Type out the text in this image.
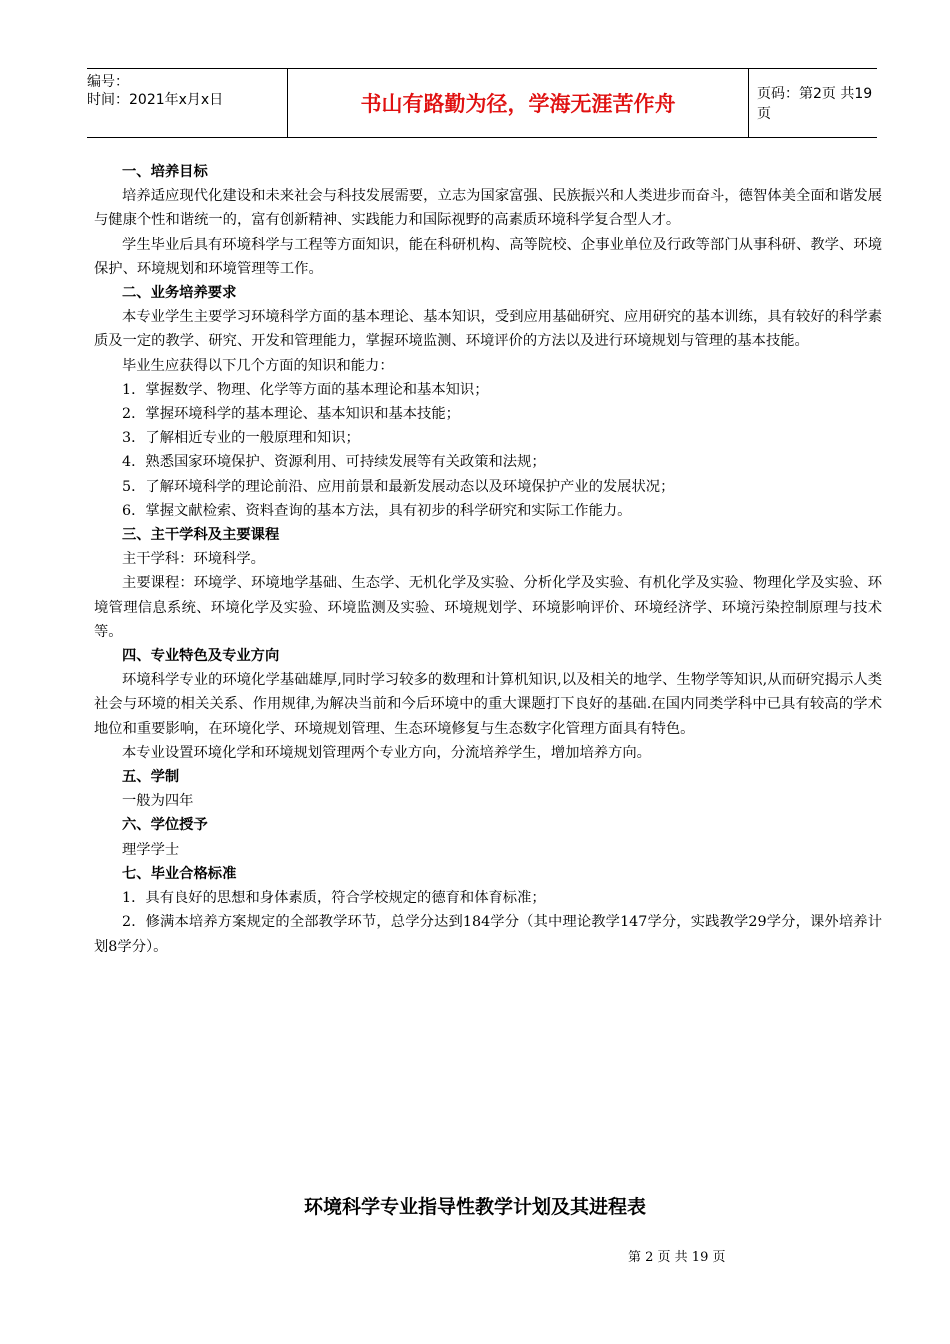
编号：
时间：2021年x月x日	书山有路勤为径，学海无涯苦作舟	页码：第2页 共19页

一、培养目标

培养适应现代化建设和未来社会与科技发展需要，立志为国家富强、民族振兴和人类进步而奋斗，德智体美全面和谐发展与健康个性和谐统一的，富有创新精神、实践能力和国际视野的高素质环境科学复合型人才。

学生毕业后具有环境科学与工程等方面知识，能在科研机构、高等院校、企事业单位及行政等部门从事科研、教学、环境保护、环境规划和环境管理等工作。

二、业务培养要求

本专业学生主要学习环境科学方面的基本理论、基本知识，受到应用基础研究、应用研究的基本训练，具有较好的科学素质及一定的教学、研究、开发和管理能力，掌握环境监测、环境评价的方法以及进行环境规划与管理的基本技能。

毕业生应获得以下几个方面的知识和能力：

1．掌握数学、物理、化学等方面的基本理论和基本知识；

2．掌握环境科学的基本理论、基本知识和基本技能；

3．了解相近专业的一般原理和知识；

4．熟悉国家环境保护、资源利用、可持续发展等有关政策和法规；

5．了解环境科学的理论前沿、应用前景和最新发展动态以及环境保护产业的发展状况；

6．掌握文献检索、资料查询的基本方法，具有初步的科学研究和实际工作能力。

三、主干学科及主要课程

主干学科：环境科学。

主要课程：环境学、环境地学基础、生态学、无机化学及实验、分析化学及实验、有机化学及实验、物理化学及实验、环境管理信息系统、环境化学及实验、环境监测及实验、环境规划学、环境影响评价、环境经济学、环境污染控制原理与技术等。

四、专业特色及专业方向

环境科学专业的环境化学基础雄厚,同时学习较多的数理和计算机知识,以及相关的地学、生物学等知识,从而研究揭示人类社会与环境的相关关系、作用规律,为解决当前和今后环境中的重大课题打下良好的基础.在国内同类学科中已具有较高的学术地位和重要影响，在环境化学、环境规划管理、生态环境修复与生态数字化管理方面具有特色。

本专业设置环境化学和环境规划管理两个专业方向，分流培养学生，增加培养方向。

五、学制

一般为四年

六、学位授予

理学学士

七、毕业合格标准

1．具有良好的思想和身体素质，符合学校规定的德育和体育标准；

2．修满本培养方案规定的全部教学环节，总学分达到184学分（其中理论教学147学分，实践教学29学分，课外培养计划8学分）。

环境科学专业指导性教学计划及其进程表
第 2 页 共 19 页
